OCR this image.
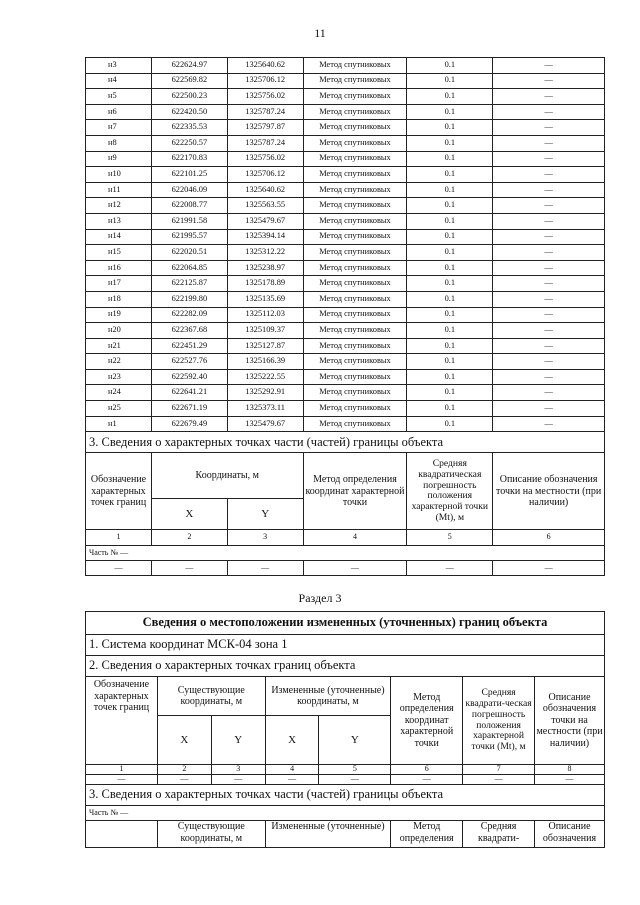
11
н3	622624.97	1325640.62	Метод спутниковых	0.1	—
н4	622569.82	1325706.12	Метод спутниковых	0.1	—
н5	622500.23	1325756.02	Метод спутниковых	0.1	—
н6	622420.50	1325787.24	Метод спутниковых	0.1	—
н7	622335.53	1325797.87	Метод спутниковых	0.1	—
н8	622250.57	1325787.24	Метод спутниковых	0.1	—
н9	622170.83	1325756.02	Метод спутниковых	0.1	—
н10	622101.25	1325706.12	Метод спутниковых	0.1	—
н11	622046.09	1325640.62	Метод спутниковых	0.1	—
н12	622008.77	1325563.55	Метод спутниковых	0.1	—
н13	621991.58	1325479.67	Метод спутниковых	0.1	—
н14	621995.57	1325394.14	Метод спутниковых	0.1	—
н15	622020.51	1325312.22	Метод спутниковых	0.1	—
н16	622064.85	1325238.97	Метод спутниковых	0.1	—
н17	622125.87	1325178.89	Метод спутниковых	0.1	—
н18	622199.80	1325135.69	Метод спутниковых	0.1	—
н19	622282.09	1325112.03	Метод спутниковых	0.1	—
н20	622367.68	1325109.37	Метод спутниковых	0.1	—
н21	622451.29	1325127.87	Метод спутниковых	0.1	—
н22	622527.76	1325166.39	Метод спутниковых	0.1	—
н23	622592.40	1325222.55	Метод спутниковых	0.1	—
н24	622641.21	1325292.91	Метод спутниковых	0.1	—
н25	622671.19	1325373.11	Метод спутниковых	0.1	—
н1	622679.49	1325479.67	Метод спутниковых	0.1	—
3. Сведения о характерных точках части (частей) границы объекта					
Обозначение характерных точек границ	Координаты, м		Метод определения координат характерной точки	Средняя квадратическая погрешность положения характерной точки (Mt), м	Описание обозначения точки на местности (при наличии)
	X	Y			
1	2	3	4	5	6
Часть № —					
—	—	—	—	—	—
Раздел 3
Сведения о местоположении измененных (уточненных) границ объекта							
1. Система координат МСК-04 зона 1							
2. Сведения о характерных точках границ объекта							
Обозначение характерных точек границ	Существующие координаты, м		Измененные (уточненные) координаты, м		Метод определения координат характерной точки	Средняя квадрати-ческая погрешность положения характерной точки (Mt), м	Описание обозначения точки на местности (при наличии)
	X	Y	X	Y			
1	2	3	4	5	6	7	8
—	—	—	—	—	—	—	—
3. Сведения о характерных точках части (частей) границы объекта							
Часть № —							
	Существующие координаты, м		Измененные (уточненные)		Метод определения	Средняя квадрати-	Описание обозначения
